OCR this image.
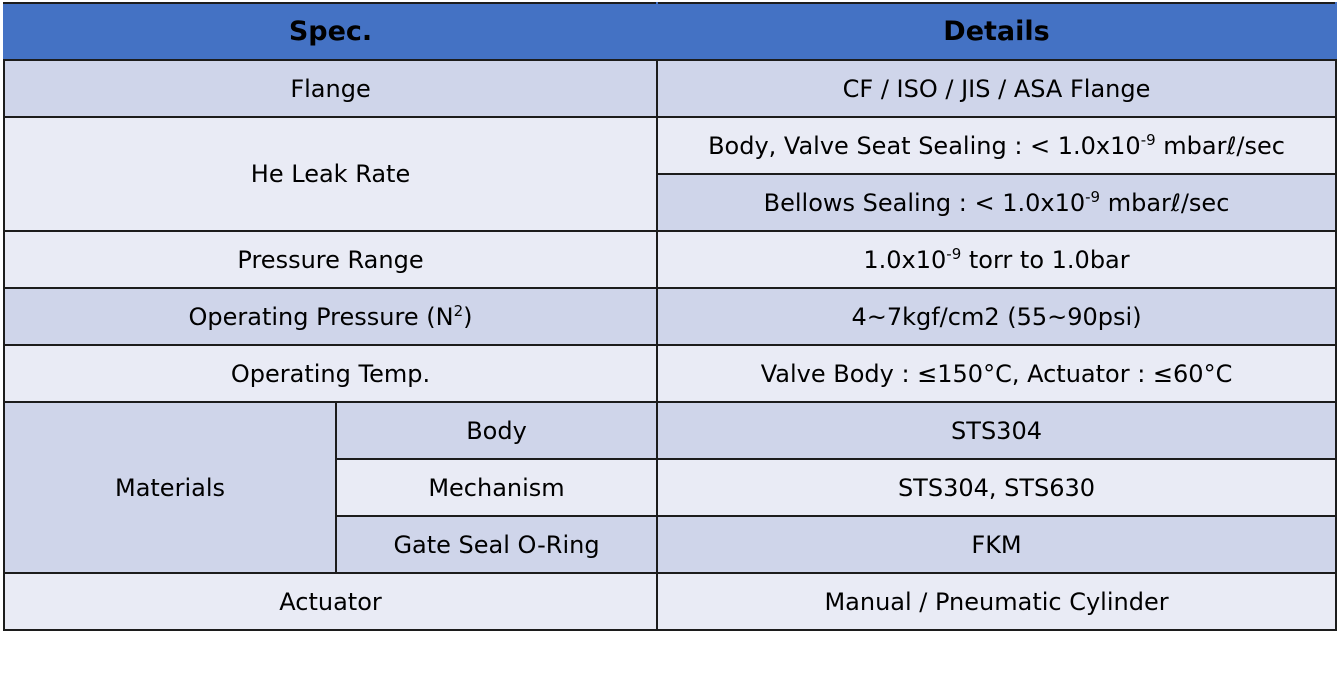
Spec.		Details
Flange		CF / ISO / JIS / ASA Flange
He Leak Rate		Body, Valve Seat Sealing : < $1.0x10^{-9}$ mbarℓ/sec
		Bellows Sealing : < $1.0x10^{-9}$ mbarℓ/sec
Pressure Range		$1.0x10^{-9}$ torr to 1.0bar
Operating Pressure $(N^2)$		4~7kgf/cm2 (55~90psi)
Operating Temp.		Valve Body : ≤150°C, Actuator : ≤60°C
Materials	Body	STS304
	Mechanism	STS304, STS630
	Gate Seal O-Ring	FKM
Actuator		Manual / Pneumatic Cylinder
